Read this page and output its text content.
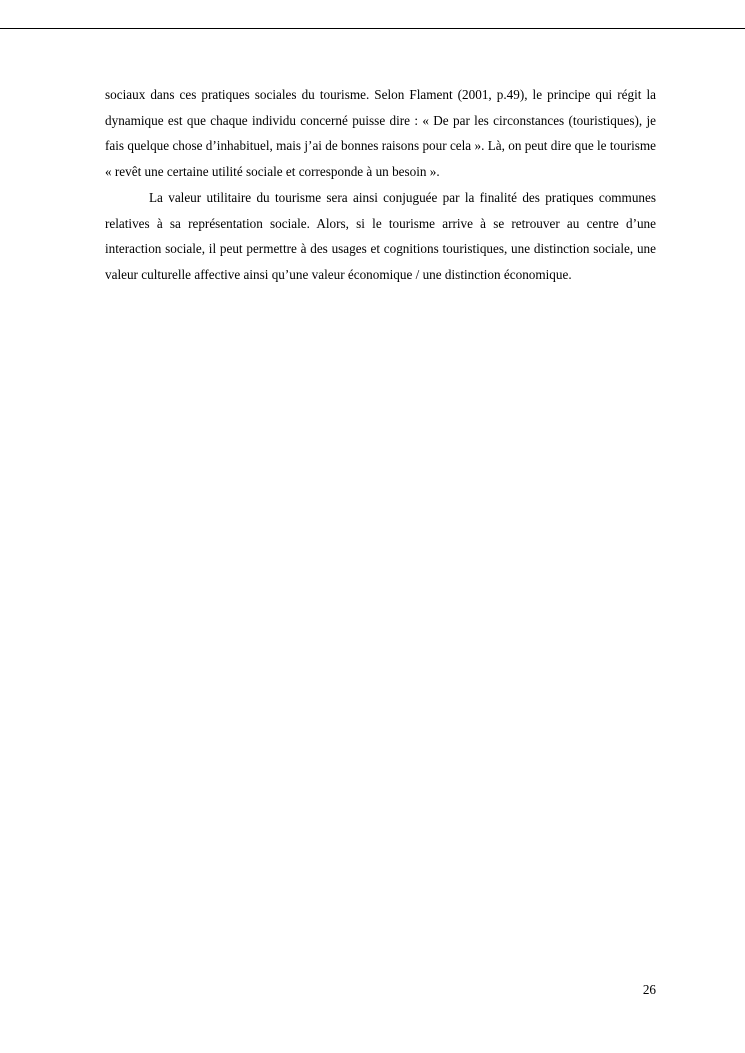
sociaux dans ces pratiques sociales du tourisme. Selon Flament (2001, p.49), le principe qui régit la dynamique est que chaque individu concerné puisse dire : « De par les circonstances (touristiques), je fais quelque chose d’inhabituel, mais j’ai de bonnes raisons pour cela ». Là, on peut dire que le tourisme « revêt une certaine utilité sociale et corresponde à un besoin ».

La valeur utilitaire du tourisme sera ainsi conjuguée par la finalité des pratiques communes relatives à sa représentation sociale. Alors, si le tourisme arrive à se retrouver au centre d’une interaction sociale, il peut permettre à des usages et cognitions touristiques, une distinction sociale, une valeur culturelle affective ainsi qu’une valeur économique / une distinction économique.

26
